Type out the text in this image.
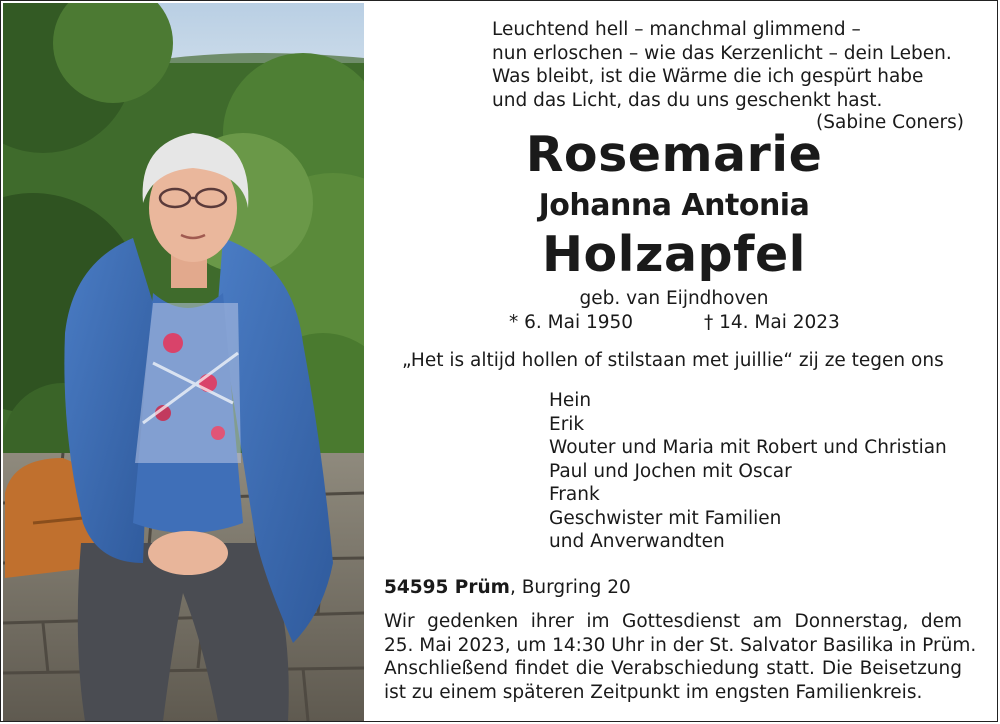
Leuchtend hell – manchmal glimmend –
nun erloschen – wie das Kerzenlicht – dein Leben.
Was bleibt, ist die Wärme die ich gespürt habe
und das Licht, das du uns geschenkt hast.
(Sabine Coners)
Rosemarie
Johanna Antonia
Holzapfel
geb. van Eijndhoven
* 6. Mai 1950	† 14. Mai 2023
„Het is altijd hollen of stilstaan met juillie“ zij ze tegen ons
Hein
Erik
Wouter und Maria mit Robert und Christian
Paul und Jochen mit Oscar
Frank
Geschwister mit Familien
und Anverwandten
54595 Prüm, Burgring 20
Wir gedenken ihrer im Gottesdienst am Donnerstag, dem
25. Mai 2023, um 14:30 Uhr in der St. Salvator Basilika in Prüm.
Anschließend findet die Verabschiedung statt. Die Beisetzung
ist zu einem späteren Zeitpunkt im engsten Familienkreis.
